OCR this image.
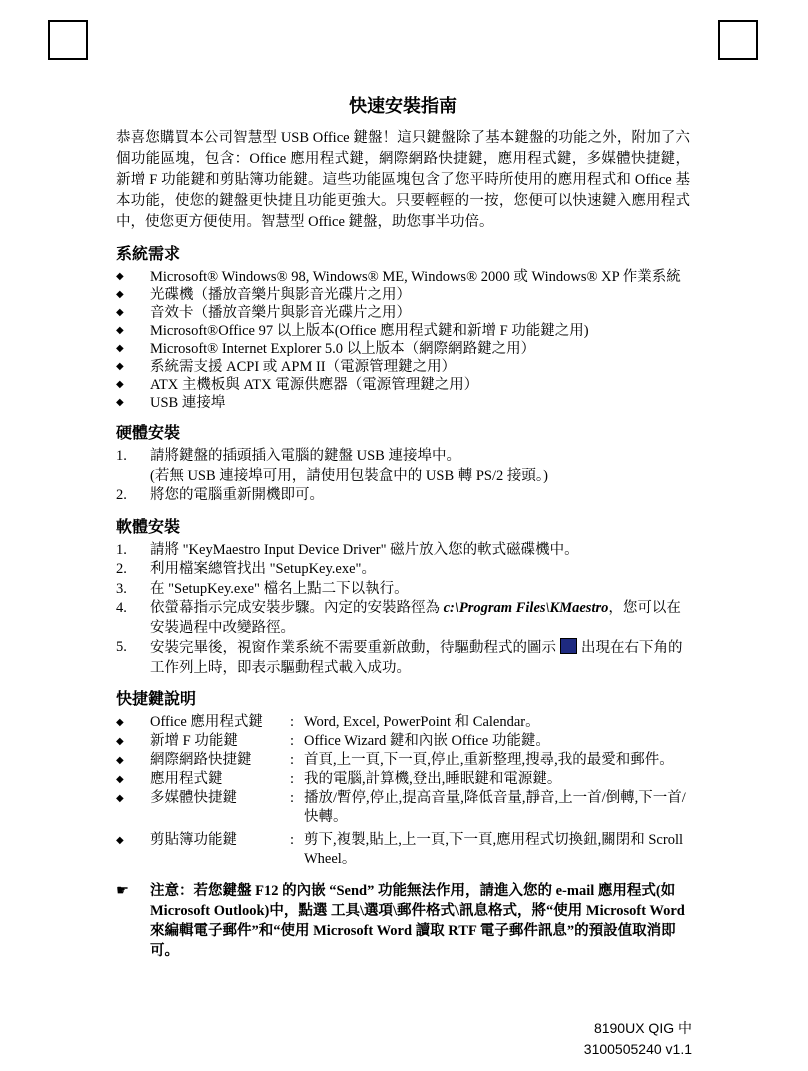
快速安裝指南

恭喜您購買本公司智慧型 USB Office 鍵盤！這只鍵盤除了基本鍵盤的功能之外，附加了六個功能區塊，包含：Office 應用程式鍵，網際網路快捷鍵，應用程式鍵，多媒體快捷鍵，新增 F 功能鍵和剪貼簿功能鍵。這些功能區塊包含了您平時所使用的應用程式和 Office 基本功能，使您的鍵盤更快捷且功能更強大。只要輕輕的一按，您便可以快速鍵入應用程式中，使您更方便使用。智慧型 Office 鍵盤，助您事半功倍。

系統需求
◆ Microsoft® Windows® 98, Windows® ME, Windows® 2000 或 Windows® XP 作業系統
◆ 光碟機（播放音樂片與影音光碟片之用）
◆ 音效卡（播放音樂片與影音光碟片之用）
◆ Microsoft®Office 97 以上版本(Office 應用程式鍵和新增 F 功能鍵之用)
◆ Microsoft® Internet Explorer 5.0 以上版本（網際網路鍵之用）
◆ 系統需支援 ACPI 或 APM II（電源管理鍵之用）
◆ ATX 主機板與 ATX 電源供應器（電源管理鍵之用）
◆ USB 連接埠
硬體安裝
1. 請將鍵盤的插頭插入電腦的鍵盤 USB 連接埠中。
(若無 USB 連接埠可用，請使用包裝盒中的 USB 轉 PS/2 接頭。)
2. 將您的電腦重新開機即可。
軟體安裝
1. 請將 "KeyMaestro Input Device Driver" 磁片放入您的軟式磁碟機中。
2. 利用檔案總管找出 "SetupKey.exe"。
3. 在 "SetupKey.exe" 檔名上點二下以執行。
4. 依螢幕指示完成安裝步驟。內定的安裝路徑為 c:\Program Files\KMaestro，您可以在安裝過程中改變路徑。
5. 安裝完畢後，視窗作業系統不需要重新啟動，待驅動程式的圖示 出現在右下角的工作列上時，即表示驅動程式載入成功。
快捷鍵說明
◆ Office 應用程式鍵	: Word, Excel, PowerPoint 和 Calendar。
◆ 新增 F 功能鍵	: Office Wizard 鍵和內嵌 Office 功能鍵。
◆ 網際網路快捷鍵	: 首頁,上一頁,下一頁,停止,重新整理,搜尋,我的最愛和郵件。
◆ 應用程式鍵	: 我的電腦,計算機,登出,睡眠鍵和電源鍵。
◆ 多媒體快捷鍵	: 播放/暫停,停止,提高音量,降低音量,靜音,上一首/倒轉,下一首/快轉。
◆ 剪貼簿功能鍵	: 剪下,複製,貼上,上一頁,下一頁,應用程式切換鈕,關閉和 Scroll Wheel。
☛ 注意：若您鍵盤 F12 的內嵌 “Send” 功能無法作用，請進入您的 e-mail 應用程式(如 Microsoft Outlook)中，點選 工具\選項\郵件格式\訊息格式，將“使用 Microsoft Word 來編輯電子郵件”和“使用 Microsoft Word 讀取 RTF 電子郵件訊息”的預設值取消即可。
8190UX QIG 中
3100505240 v1.1
